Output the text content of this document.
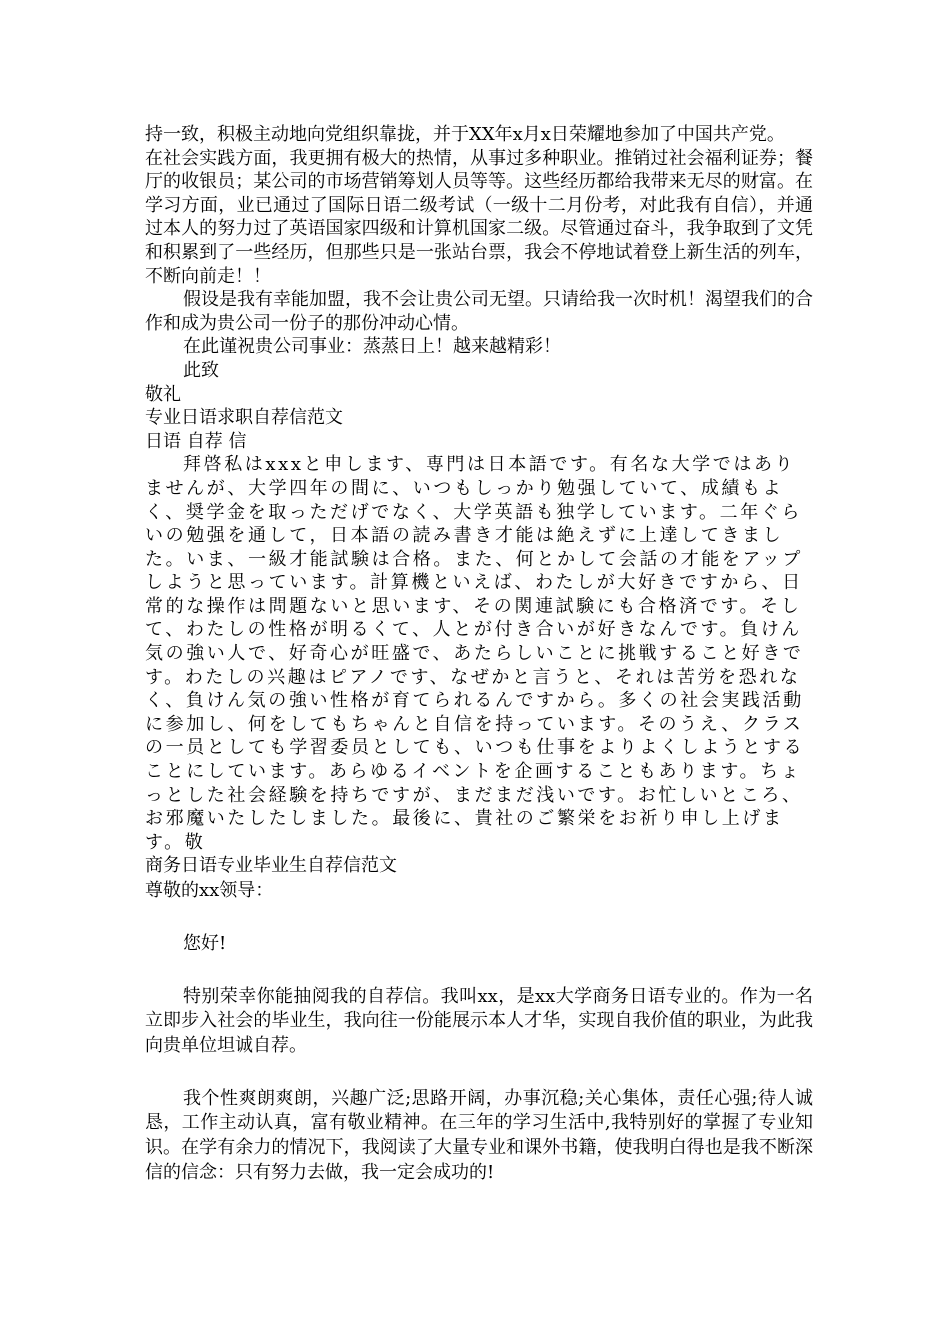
持一致，积极主动地向党组织靠拢，并于XX年x月x日荣耀地参加了中国共产党。

在社会实践方面，我更拥有极大的热情，从事过多种职业。推销过社会福利证券；餐厅的收银员；某公司的市场营销筹划人员等等。这些经历都给我带来无尽的财富。在学习方面，业已通过了国际日语二级考试（一级十二月份考，对此我有自信），并通过本人的努力过了英语国家四级和计算机国家二级。尽管通过奋斗，我争取到了文凭和积累到了一些经历，但那些只是一张站台票，我会不停地试着登上新生活的列车，不断向前走！！

假设是我有幸能加盟，我不会让贵公司无望。只请给我一次时机！渴望我们的合作和成为贵公司一份子的那份冲动心情。

在此谨祝贵公司事业：蒸蒸日上！越来越精彩！

此致

敬礼

专业日语求职自荐信范文

日语 自荐 信

拜啓私はxxxと申します、専門は日本語です。有名な大学ではありませんが、大学四年の間に、いつもしっかり勉强していて、成績もよく、奨学金を取っただげでなく、大学英語も独学しています。二年ぐらいの勉强を通して，日本語の読み書き才能は絶えずに上達してきました。いま、一級才能試験は合格。また、何とかして会話の才能をアップしようと思っています。計算機といえば、わたしが大好きですから、日常的な操作は問題ないと思います、その関連試験にも合格済です。そして、わたしの性格が明るくて、人とが付き合いが好きなんです。負けん気の強い人で、好奇心が旺盛で、あたらしいことに挑戦すること好きです。わたしの兴趣はピアノです、なぜかと言うと、それは苦労を恐れなく、負けん気の強い性格が育てられるんですから。多くの社会実践活動に参加し、何をしてもちゃんと自信を持っています。そのうえ、クラスの一员としても学習委员としても、いつも仕事をよりよくしようとすることにしています。あらゆるイベントを企画することもあります。ちょっとした社会経験を持ちですが、まだまだ浅いです。お忙しいところ、お邪魔いたしたしました。最後に、貴社のご繁栄をお祈り申し上げます。敬

商务日语专业毕业生自荐信范文

尊敬的xx领导：

您好!

特别荣幸你能抽阅我的自荐信。我叫xx，是xx大学商务日语专业的。作为一名立即步入社会的毕业生，我向往一份能展示本人才华，实现自我价值的职业，为此我向贵单位坦诚自荐。

我个性爽朗爽朗，兴趣广泛;思路开阔，办事沉稳;关心集体，责任心强;待人诚恳，工作主动认真，富有敬业精神。在三年的学习生活中,我特别好的掌握了专业知识。在学有余力的情况下，我阅读了大量专业和课外书籍，使我明白得也是我不断深信的信念：只有努力去做，我一定会成功的!
